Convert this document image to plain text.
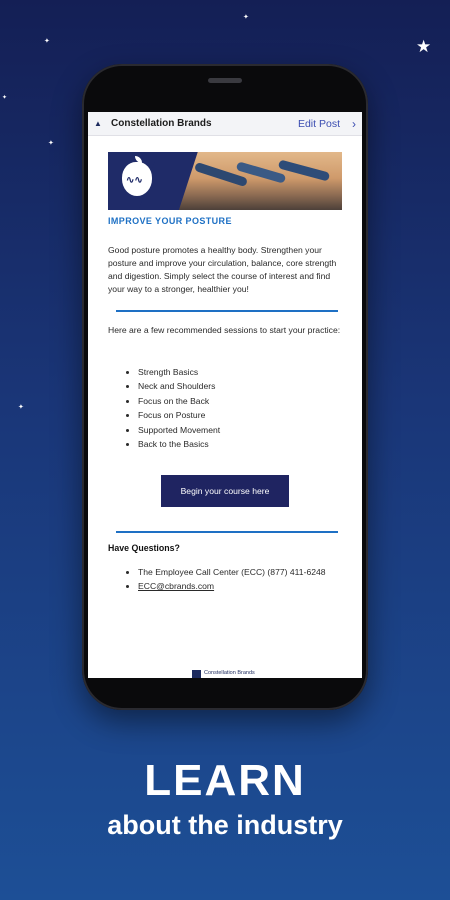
✦
✦	★
✦
✦
✦
▲ Constellation Brands	Edit Post ›
∿∿
IMPROVE YOUR POSTURE
Good posture promotes a healthy body. Strengthen your posture and improve your circulation, balance, core strength and digestion. Simply select the course of interest and find your way to a stronger, healthier you!
Here are a few recommended sessions to start your practice:
• Strength Basics
• Neck and Shoulders
• Focus on the Back
• Focus on Posture
• Supported Movement
• Back to the Basics
Begin your course here
Have Questions?
• The Employee Call Center (ECC) (877) 411-6248
• ECC@cbrands.com
Constellation Brands
LEARN
about the industry
